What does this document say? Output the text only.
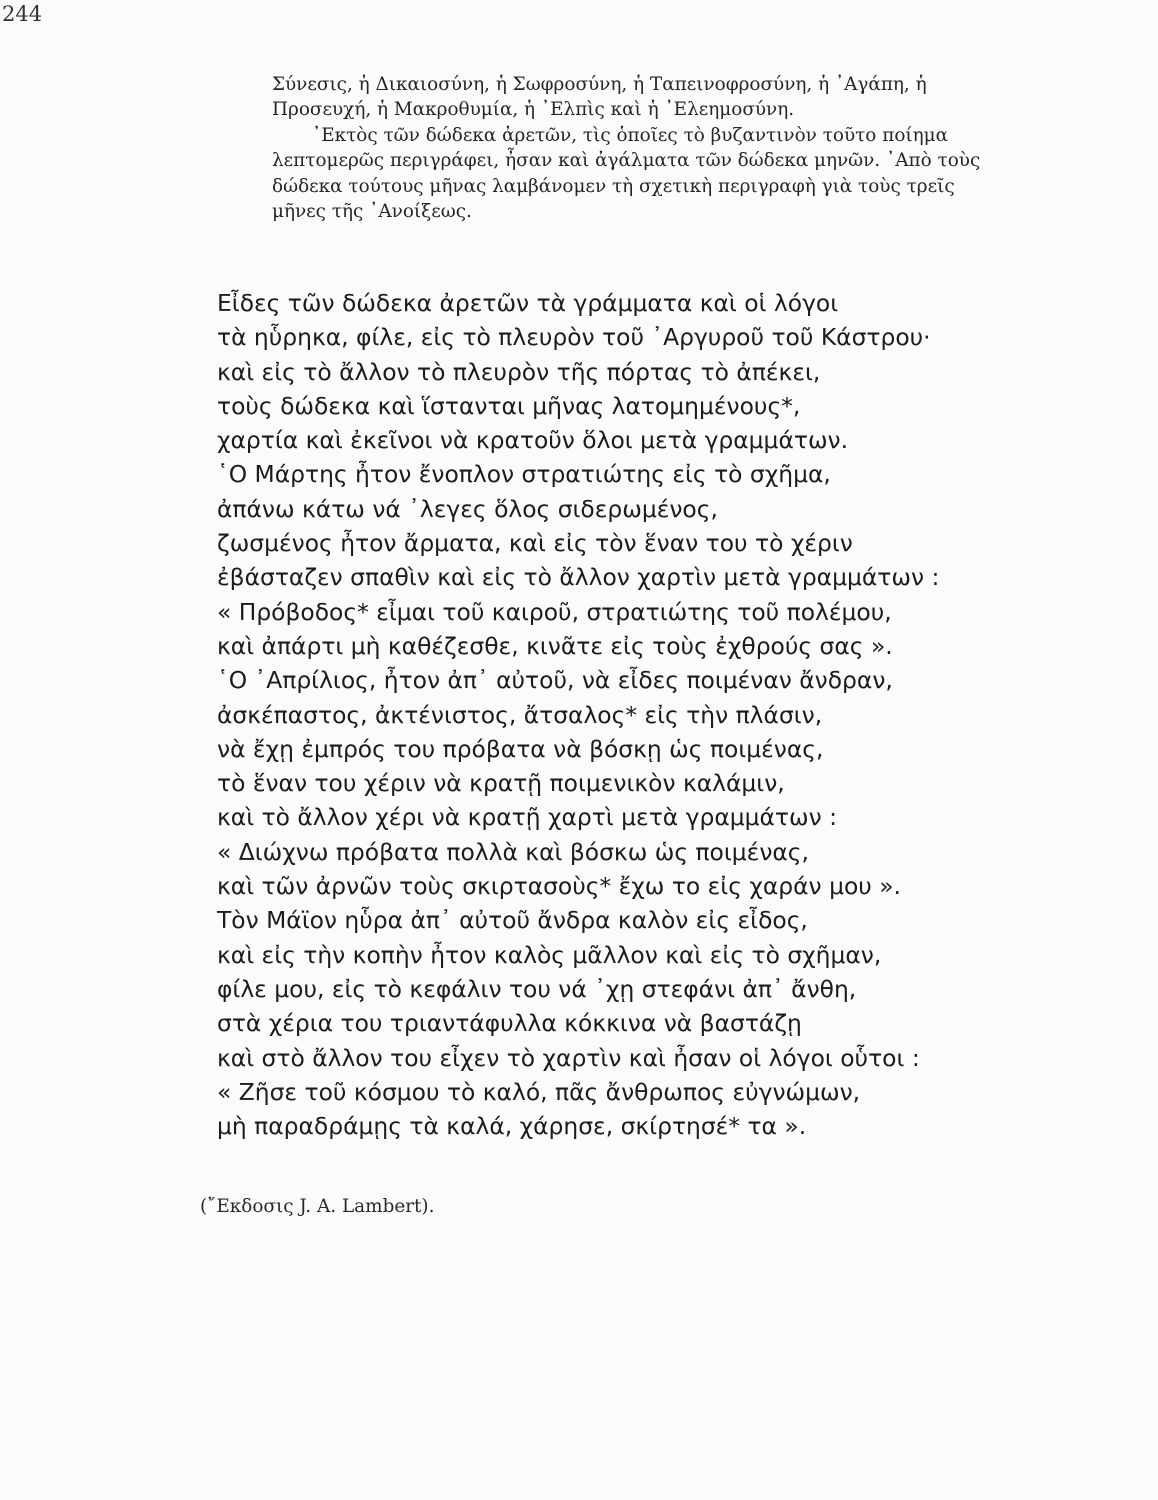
244
Σύνεσις, ἡ Δικαιοσύνη, ἡ Σωφροσύνη, ἡ Ταπεινοφροσύνη, ἡ ᾿Αγάπη, ἡ
Προσευχή, ἡ Μακροθυμία, ἡ ᾿Ελπὶς καὶ ἡ ᾿Ελεημοσύνη.
᾿Εκτὸς τῶν δώδεκα ἀρετῶν, τὶς ὁποῖες τὸ βυζαντινὸν τοῦτο ποίημα
λεπτομερῶς περιγράφει, ἦσαν καὶ ἀγάλματα τῶν δώδεκα μηνῶν. ᾿Απὸ τοὺς
δώδεκα τούτους μῆνας λαμβάνομεν τὴ σχετικὴ περιγραφὴ γιὰ τοὺς τρεῖς
μῆνες τῆς ᾿Ανοίξεως.
Εἶδες τῶν δώδεκα ἀρετῶν τὰ γράμματα καὶ οἱ λόγοι
τὰ ηὗρηκα, φίλε, εἰς τὸ πλευρὸν τοῦ ᾿Αργυροῦ τοῦ Κάστρου·
καὶ εἰς τὸ ἄλλον τὸ πλευρὸν τῆς πόρτας τὸ ἀπέκει,
τοὺς δώδεκα καὶ ἵστανται μῆνας λατομημένους*,
χαρτία καὶ ἐκεῖνοι νὰ κρατοῦν ὅλοι μετὰ γραμμάτων.
῾Ο Μάρτης ἦτον ἔνοπλον στρατιώτης εἰς τὸ σχῆμα,
ἀπάνω κάτω νά ᾿λεγες ὅλος σιδερωμένος,
ζωσμένος ἦτον ἄρματα, καὶ εἰς τὸν ἕναν του τὸ χέριν
ἐβάσταζεν σπαθὶν καὶ εἰς τὸ ἄλλον χαρτὶν μετὰ γραμμάτων :
« Πρόβοδος* εἶμαι τοῦ καιροῦ, στρατιώτης τοῦ πολέμου,
καὶ ἀπάρτι μὴ καθέζεσθε, κινᾶτε εἰς τοὺς ἐχθρούς σας ».
῾Ο ᾿Απρίλιος, ἦτον ἀπ᾿ αὐτοῦ, νὰ εἶδες ποιμέναν ἄνδραν,
ἀσκέπαστος, ἀκτένιστος, ἄτσαλος* εἰς τὴν πλάσιν,
νὰ ἔχῃ ἐμπρός του πρόβατα νὰ βόσκῃ ὡς ποιμένας,
τὸ ἕναν του χέριν νὰ κρατῇ ποιμενικὸν καλάμιν,
καὶ τὸ ἄλλον χέρι νὰ κρατῇ χαρτὶ μετὰ γραμμάτων :
« Διώχνω πρόβατα πολλὰ καὶ βόσκω ὡς ποιμένας,
καὶ τῶν ἀρνῶν τοὺς σκιρτασοὺς* ἔχω το εἰς χαράν μου ».
Τὸν Μάϊον ηὗρα ἀπ᾿ αὐτοῦ ἄνδρα καλὸν εἰς εἶδος,
καὶ εἰς τὴν κοπὴν ἦτον καλὸς μᾶλλον καὶ εἰς τὸ σχῆμαν,
φίλε μου, εἰς τὸ κεφάλιν του νά ᾿χῃ στεφάνι ἀπ᾿ ἄνθη,
στὰ χέρια του τριαντάφυλλα κόκκινα νὰ βαστάζῃ
καὶ στὸ ἄλλον του εἶχεν τὸ χαρτὶν καὶ ἦσαν οἱ λόγοι οὗτοι :
« Ζῆσε τοῦ κόσμου τὸ καλό, πᾶς ἄνθρωπος εὐγνώμων,
μὴ παραδράμῃς τὰ καλά, χάρησε, σκίρτησέ* τα ».
(῎Εκδοσις J. A. Lambert).
